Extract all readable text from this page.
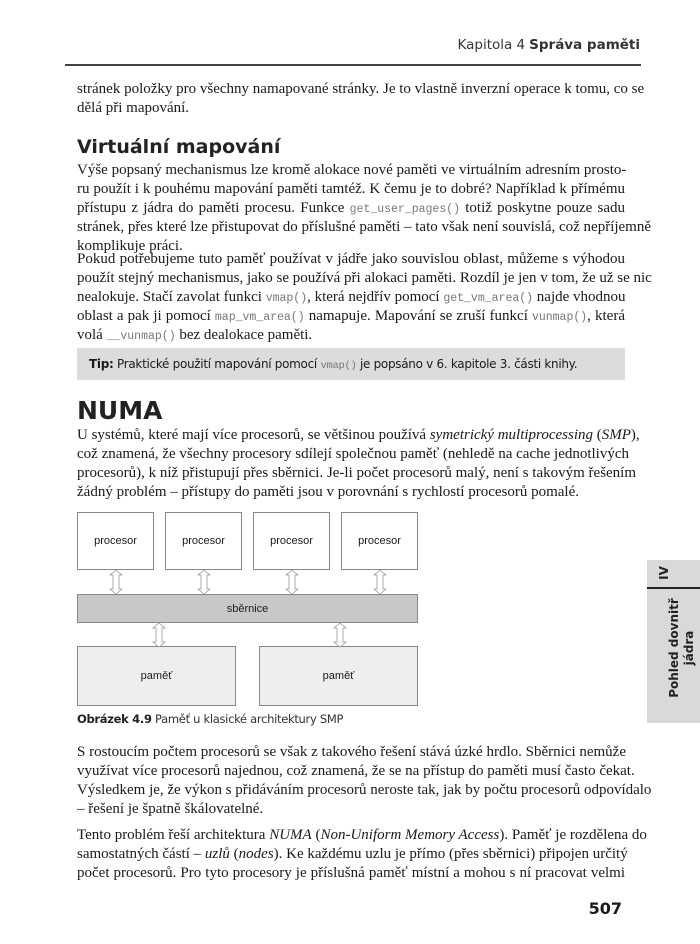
Kapitola 4 Správa paměti
stránek položky pro všechny namapované stránky. Je to vlastně inverzní operace k tomu, co se
dělá při mapování.
Virtuální mapování
Výše popsaný mechanismus lze kromě alokace nové paměti ve virtuálním adresním prosto-
ru použít i k pouhému mapování paměti tamtéž. K čemu je to dobré? Například k přímému
přístupu z jádra do paměti procesu. Funkce get_user_pages() totiž poskytne pouze sadu
stránek, přes které lze přistupovat do příslušné paměti – tato však není souvislá, což nepříjemně
komplikuje práci.
Pokud potřebujeme tuto paměť používat v jádře jako souvislou oblast, můžeme s výhodou
použít stejný mechanismus, jako se používá při alokaci paměti. Rozdíl je jen v tom, že už se nic
nealokuje. Stačí zavolat funkci vmap(), která nejdřív pomocí get_vm_area() najde vhodnou
oblast a pak ji pomocí map_vm_area() namapuje. Mapování se zruší funkcí vunmap(), která
volá __vunmap() bez dealokace paměti.
Tip: Praktické použití mapování pomocí vmap() je popsáno v 6. kapitole 3. části knihy.
NUMA
U systémů, které mají více procesorů, se většinou používá symetrický multiprocessing (SMP),
což znamená, že všechny procesory sdílejí společnou paměť (nehledě na cache jednotlivých
procesorů), k níž přistupují přes sběrnici. Je-li počet procesorů malý, není s takovým řešením
žádný problém – přístupy do paměti jsou v porovnání s rychlostí procesorů pomalé.
procesor	procesor	procesor	procesor
sběrnice
paměť	paměť
Obrázek 4.9 Paměť u klasické architektury SMP
S rostoucím počtem procesorů se však z takového řešení stává úzké hrdlo. Sběrnici nemůže
využívat více procesorů najednou, což znamená, že se na přístup do paměti musí často čekat.
Výsledkem je, že výkon s přidáváním procesorů neroste tak, jak by počtu procesorů odpovídalo
– řešení je špatně škálovatelné.
Tento problém řeší architektura NUMA (Non-Uniform Memory Access). Paměť je rozdělena do
samostatných částí – uzlů (nodes). Ke každému uzlu je přímo (přes sběrnici) připojen určitý
počet procesorů. Pro tyto procesory je příslušná paměť místní a mohou s ní pracovat velmi
507
IV
Pohled dovnitř jádra
